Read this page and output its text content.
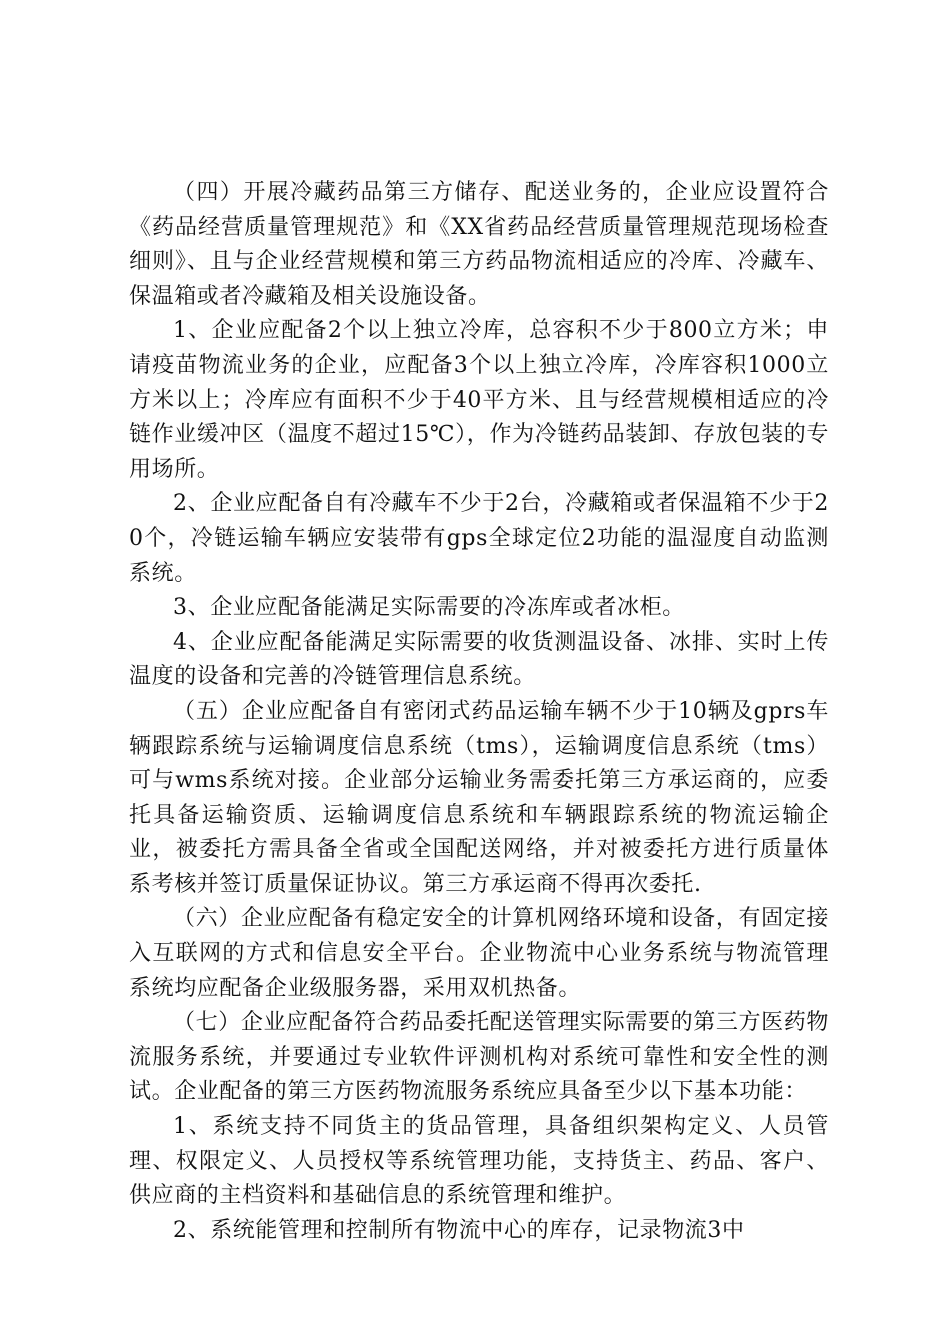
（四）开展冷藏药品第三方储存、配送业务的，企业应设置符合《药品经营质量管理规范》和《XX省药品经营质量管理规范现场检查细则》、且与企业经营规模和第三方药品物流相适应的冷库、冷藏车、保温箱或者冷藏箱及相关设施设备。

1、企业应配备2个以上独立冷库，总容积不少于800立方米；申请疫苗物流业务的企业，应配备3个以上独立冷库，冷库容积1000立方米以上；冷库应有面积不少于40平方米、且与经营规模相适应的冷链作业缓冲区（温度不超过15℃），作为冷链药品装卸、存放包装的专用场所。

2、企业应配备自有冷藏车不少于2台，冷藏箱或者保温箱不少于20个，冷链运输车辆应安装带有gps全球定位2功能的温湿度自动监测系统。

3、企业应配备能满足实际需要的冷冻库或者冰柜。

4、企业应配备能满足实际需要的收货测温设备、冰排、实时上传温度的设备和完善的冷链管理信息系统。

（五）企业应配备自有密闭式药品运输车辆不少于10辆及gprs车辆跟踪系统与运输调度信息系统（tms），运输调度信息系统（tms）可与wms系统对接。企业部分运输业务需委托第三方承运商的，应委托具备运输资质、运输调度信息系统和车辆跟踪系统的物流运输企业，被委托方需具备全省或全国配送网络，并对被委托方进行质量体系考核并签订质量保证协议。第三方承运商不得再次委托.

（六）企业应配备有稳定安全的计算机网络环境和设备，有固定接入互联网的方式和信息安全平台。企业物流中心业务系统与物流管理系统均应配备企业级服务器，采用双机热备。

（七）企业应配备符合药品委托配送管理实际需要的第三方医药物流服务系统，并要通过专业软件评测机构对系统可靠性和安全性的测试。企业配备的第三方医药物流服务系统应具备至少以下基本功能：

1、系统支持不同货主的货品管理，具备组织架构定义、人员管理、权限定义、人员授权等系统管理功能，支持货主、药品、客户、供应商的主档资料和基础信息的系统管理和维护。

2、系统能管理和控制所有物流中心的库存，记录物流3中
